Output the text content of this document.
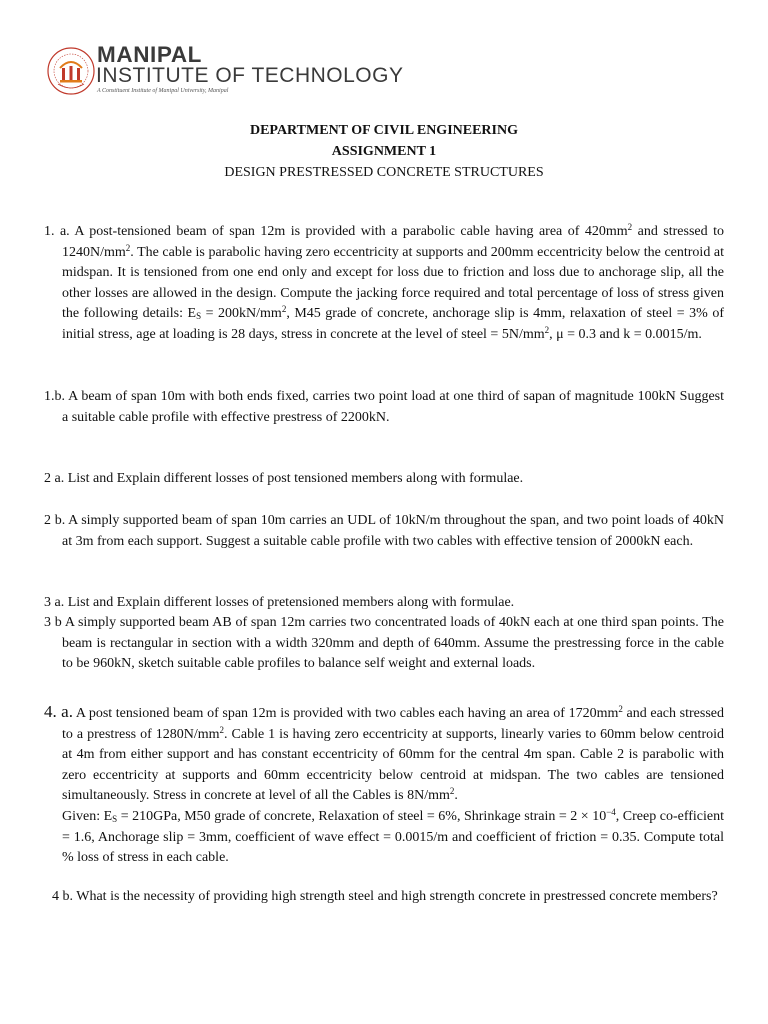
MANIPAL
INSTITUTE OF TECHNOLOGY
A Constituent Institute of Manipal University, Manipal
DEPARTMENT OF CIVIL ENGINEERING
ASSIGNMENT 1
DESIGN PRESTRESSED CONCRETE STRUCTURES
1. a. A post-tensioned beam of span 12m is provided with a parabolic cable having area of $420mm^2$ and stressed to $1240N/mm^2$. The cable is parabolic having zero eccentricity at supports and 200mm eccentricity below the centroid at midspan. It is tensioned from one end only and except for loss due to friction and loss due to anchorage slip, all the other losses are allowed in the design. Compute the jacking force required and total percentage of loss of stress given the following details: $E_S = 200kN/mm^2$, M45 grade of concrete, anchorage slip is 4mm, relaxation of steel = 3% of initial stress, age at loading is 28 days, stress in concrete at the level of steel = $5N/mm^2$, μ = 0.3 and k = 0.0015/m.
1.b. A beam of span 10m with both ends fixed, carries two point load at one third of sapan of magnitude 100kN Suggest a suitable cable profile with effective prestress of 2200kN.
2 a. List and Explain different losses of post tensioned members along with formulae.
2 b. A simply supported beam of span 10m carries an UDL of 10kN/m throughout the span, and two point loads of 40kN at 3m from each support. Suggest a suitable cable profile with two cables with effective tension of 2000kN each.
3 a. List and Explain different losses of pretensioned members along with formulae.
3 b A simply supported beam AB of span 12m carries two concentrated loads of 40kN each at one third span points. The beam is rectangular in section with a width 320mm and depth of 640mm. Assume the prestressing force in the cable to be 960kN, sketch suitable cable profiles to balance self weight and external loads.
4. a. A post tensioned beam of span 12m is provided with two cables each having an area of $1720mm^2$ and each stressed to a prestress of $1280N/mm^2$. Cable 1 is having zero eccentricity at supports, linearly varies to 60mm below centroid at 4m from either support and has constant eccentricity of 60mm for the central 4m span. Cable 2 is parabolic with zero eccentricity at supports and 60mm eccentricity below centroid at midspan. The two cables are tensioned simultaneously. Stress in concrete at level of all the Cables is $8N/mm^2$.
Given: $E_S = 210GPa$, M50 grade of concrete, Relaxation of steel = 6%, Shrinkage strain = $2 \times 10^{-4}$, Creep co-efficient = 1.6, Anchorage slip = 3mm, coefficient of wave effect = 0.0015/m and coefficient of friction = 0.35. Compute total % loss of stress in each cable.
4 b. What is the necessity of providing high strength steel and high strength concrete in prestressed concrete members?
